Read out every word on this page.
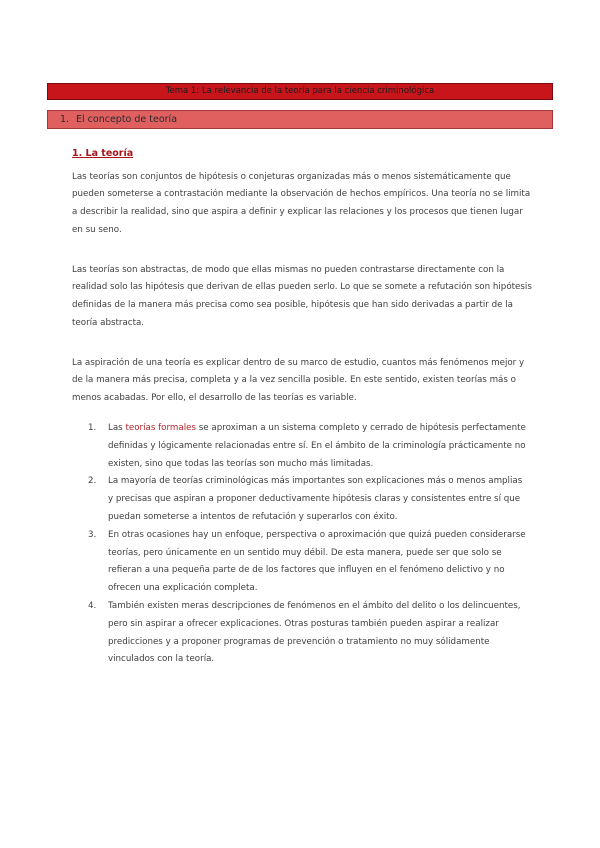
Tema 1: La relevancia de la teoría para la ciencia criminológica
1. El concepto de teoría
1. La teoría

Las teorías son conjuntos de hipótesis o conjeturas organizadas más o menos sistemáticamente que pueden someterse a contrastación mediante la observación de hechos empíricos. Una teoría no se limita a describir la realidad, sino que aspira a definir y explicar las relaciones y los procesos que tienen lugar en su seno.

Las teorías son abstractas, de modo que ellas mismas no pueden contrastarse directamente con la realidad solo las hipótesis que derivan de ellas pueden serlo. Lo que se somete a refutación son hipótesis definidas de la manera más precisa como sea posible, hipótesis que han sido derivadas a partir de la teoría abstracta.

La aspiración de una teoría es explicar dentro de su marco de estudio, cuantos más fenómenos mejor y de la manera más precisa, completa y a la vez sencilla posible. En este sentido, existen teorías más o menos acabadas. Por ello, el desarrollo de las teorías es variable.

1. Las teorías formales se aproximan a un sistema completo y cerrado de hipótesis perfectamente definidas y lógicamente relacionadas entre sí. En el ámbito de la criminología prácticamente no existen, sino que todas las teorías son mucho más limitadas.
2. La mayoría de teorías criminológicas más importantes son explicaciones más o menos amplias y precisas que aspiran a proponer deductivamente hipótesis claras y consistentes entre sí que puedan someterse a intentos de refutación y superarlos con éxito.
3. En otras ocasiones hay un enfoque, perspectiva o aproximación que quizá pueden considerarse teorías, pero únicamente en un sentido muy débil. De esta manera, puede ser que solo se refieran a una pequeña parte de de los factores que influyen en el fenómeno delictivo y no ofrecen una explicación completa.
4. También existen meras descripciones de fenómenos en el ámbito del delito o los delincuentes, pero sin aspirar a ofrecer explicaciones. Otras posturas también pueden aspirar a realizar predicciones y a proponer programas de prevención o tratamiento no muy sólidamente vinculados con la teoría.
